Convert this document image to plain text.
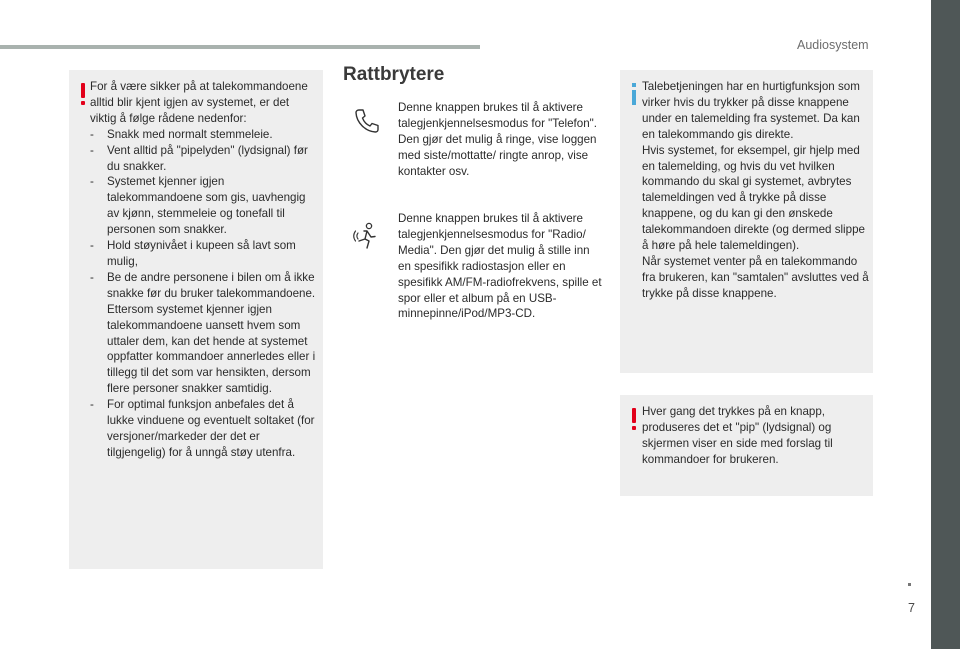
Audiosystem

For å være sikker på at talekommandoene alltid blir kjent igjen av systemet, er det viktig å følge rådene nedenfor:

- Snakk med normalt stemmeleie.
- Vent alltid på "pipelyden" (lydsignal) før du snakker.
- Systemet kjenner igjen talekommandoene som gis, uavhengig av kjønn, stemmeleie og tonefall til personen som snakker.
- Hold støynivået i kupeen så lavt som mulig,
- Be de andre personene i bilen om å ikke snakke før du bruker talekommandoene. Ettersom systemet kjenner igjen talekommandoene uansett hvem som uttaler dem, kan det hende at systemet oppfatter kommandoer annerledes eller i tillegg til det som var hensikten, dersom flere personer snakker samtidig.
- For optimal funksjon anbefales det å lukke vinduene og eventuelt soltaket (for versjoner/markeder der det er tilgjengelig) for å unngå støy utenfra.
Rattbrytere

Denne knappen brukes til å aktivere talegjenkjennelsesmodus for "Telefon". Den gjør det mulig å ringe, vise loggen med siste/mottatte/ ringte anrop, vise kontakter osv.

Denne knappen brukes til å aktivere talegjenkjennelsesmodus for "Radio/ Media". Den gjør det mulig å stille inn en spesifikk radiostasjon eller en spesifikk AM/FM-radiofrekvens, spille et spor eller et album på en USB-minnepinne/iPod/MP3-CD.

Talebetjeningen har en hurtigfunksjon som virker hvis du trykker på disse knappene under en talemelding fra systemet. Da kan en talekommando gis direkte.

Hvis systemet, for eksempel, gir hjelp med en talemelding, og hvis du vet hvilken kommando du skal gi systemet, avbrytes talemeldingen ved å trykke på disse knappene, og du kan gi den ønskede talekommandoen direkte (og dermed slippe å høre på hele talemeldingen).

Når systemet venter på en talekommando fra brukeren, kan "samtalen" avsluttes ved å trykke på disse knappene.

Hver gang det trykkes på en knapp, produseres det et "pip" (lydsignal) og skjermen viser en side med forslag til kommandoer for brukeren.

7
